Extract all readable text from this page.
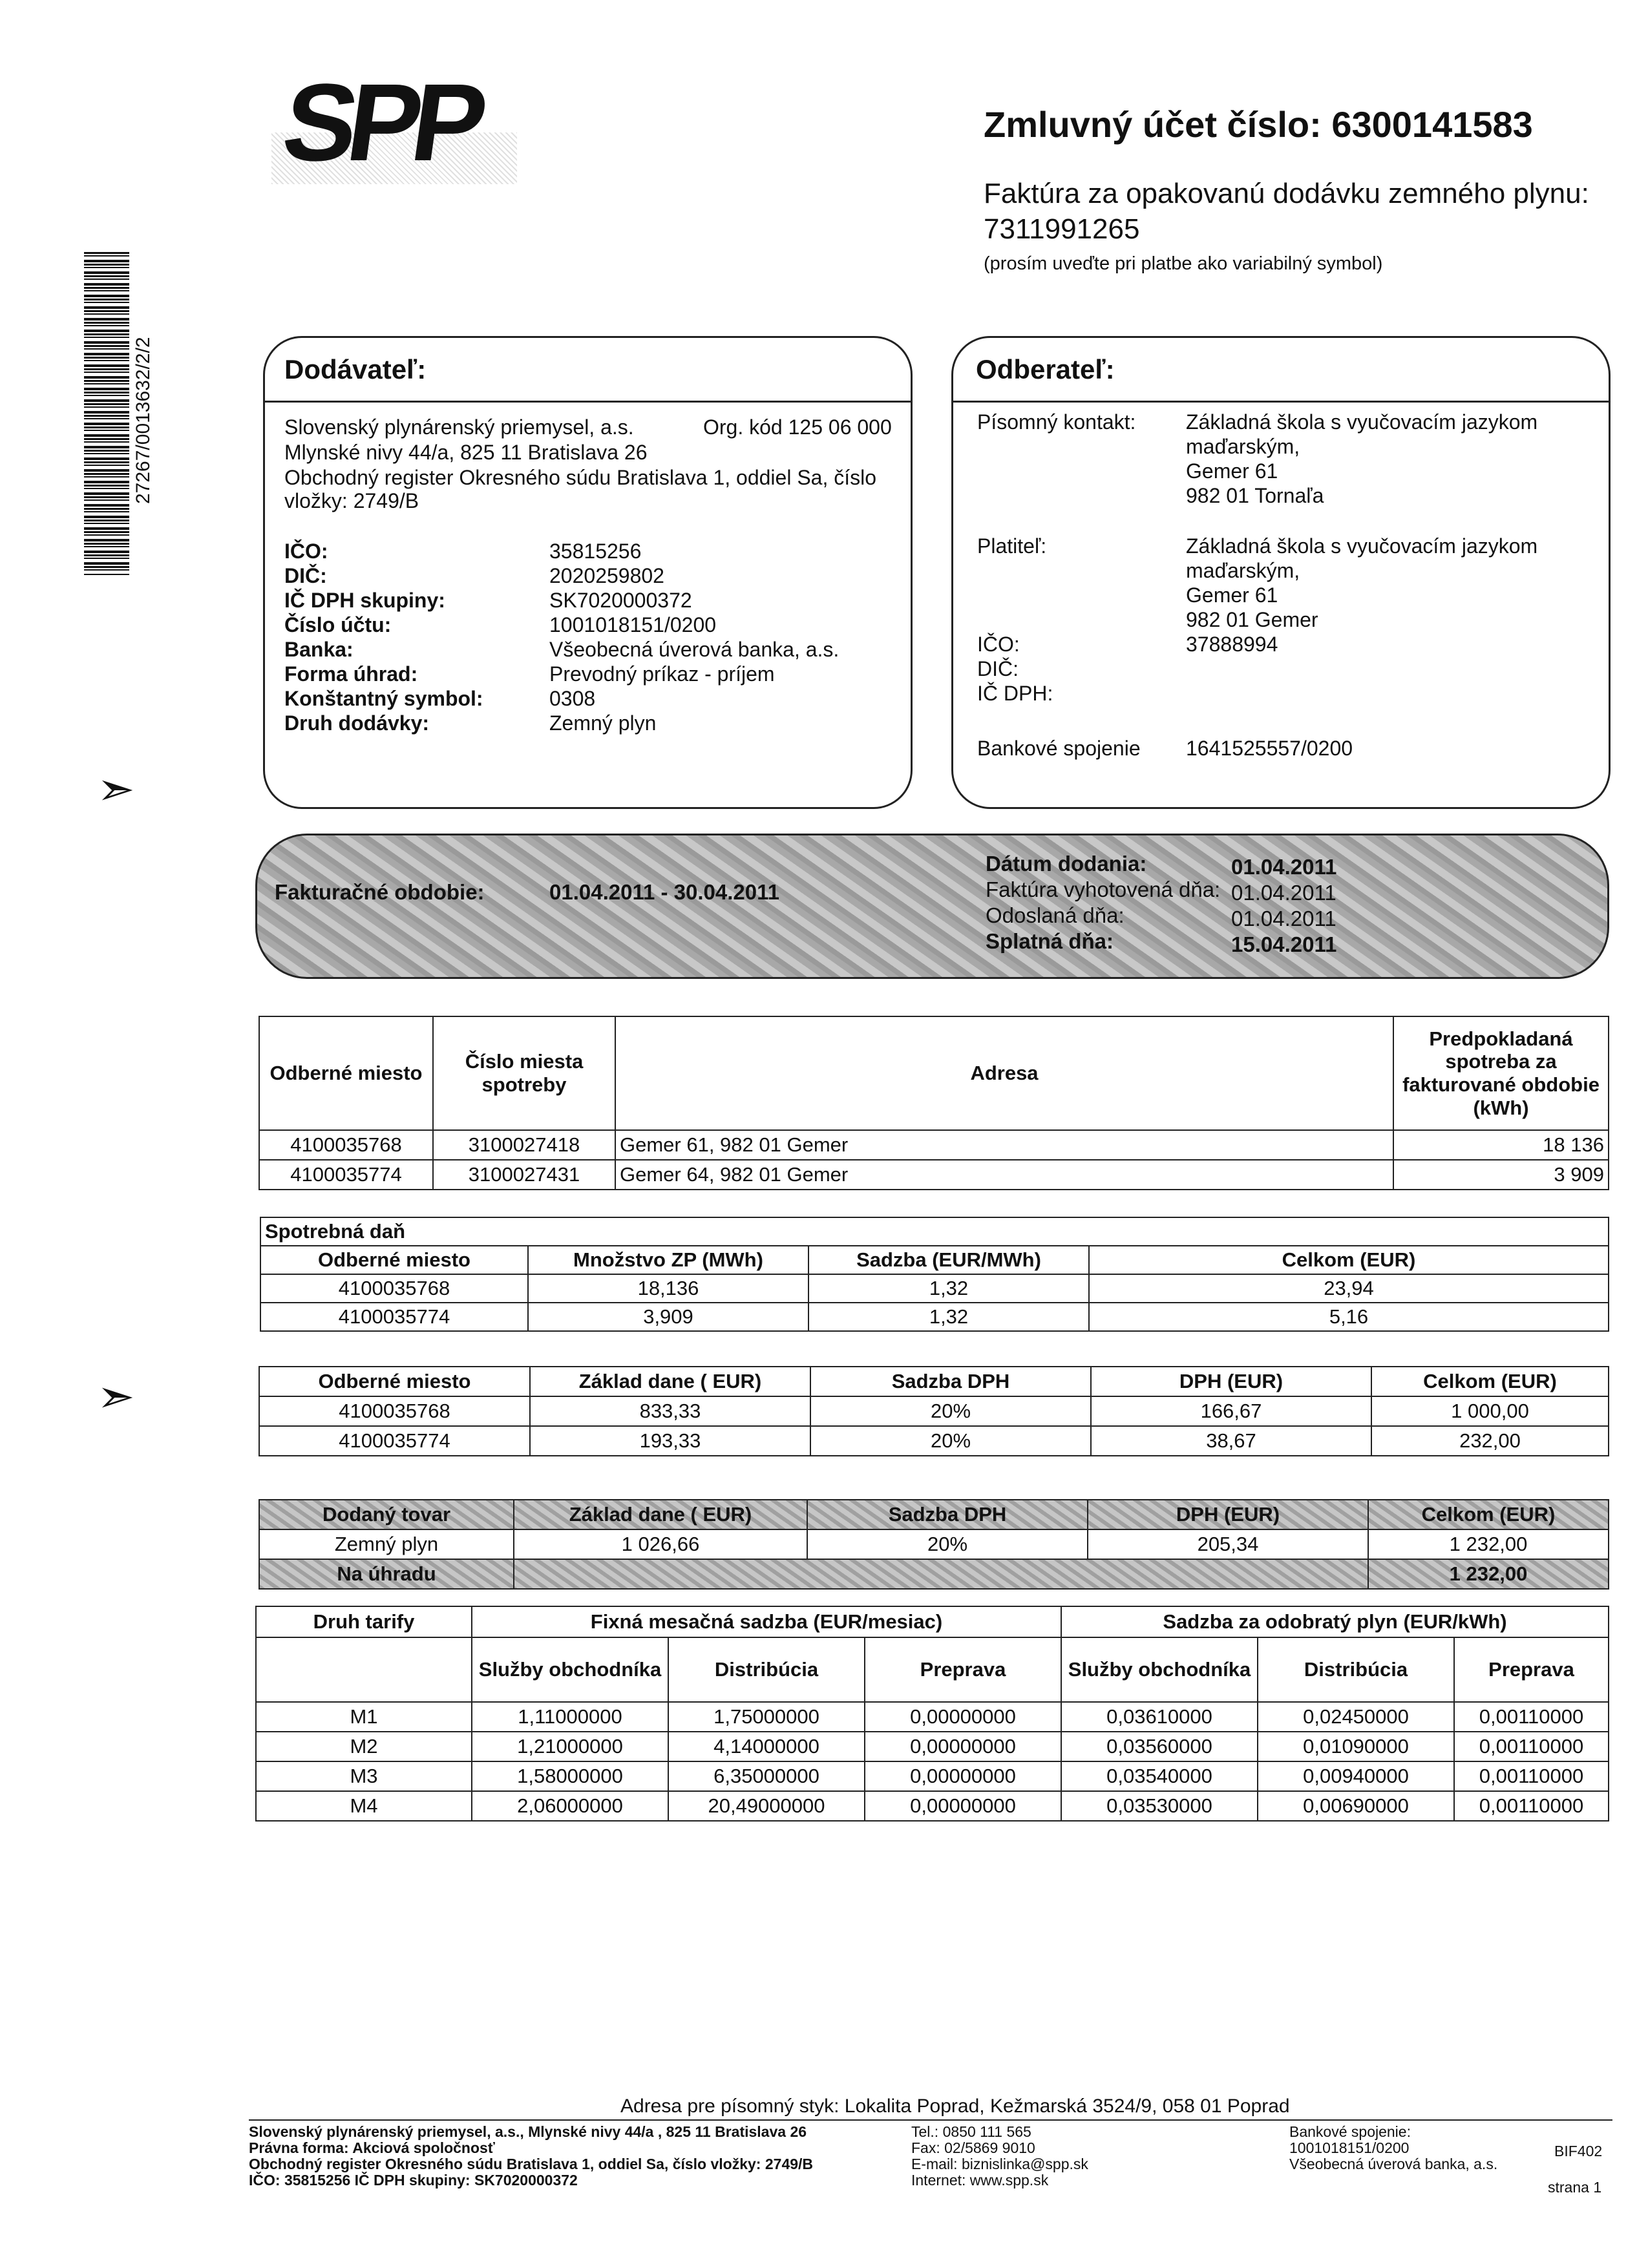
SPP	Zmluvný účet číslo: 6300141583
Faktúra za opakovanú dodávku zemného plynu:
7311991265
(prosím uveďte pri platbe ako variabilný symbol)
27267/0013632/2/2
➣
➣
Dodávateľ:
Slovenský plynárenský priemysel, a.s.	Org. kód 125 06 000
Mlynské nivy 44/a, 825 11 Bratislava 26
Obchodný register Okresného súdu Bratislava 1, oddiel Sa, číslo
vložky: 2749/B
IČO:	35815256
DIČ:	2020259802
IČ DPH skupiny:	SK7020000372
Číslo účtu:	1001018151/0200
Banka:	Všeobecná úverová banka, a.s.
Forma úhrad:	Prevodný príkaz - príjem
Konštantný symbol:	0308
Druh dodávky:	Zemný plyn
Odberateľ:
Písomný kontakt: Základná škola s vyučovacím jazykom
maďarským,
Gemer 61
982 01 Tornaľa
Platiteľ:	Základná škola s vyučovacím jazykom
maďarským,
Gemer 61
982 01 Gemer
IČO:	37888994
DIČ:
IČ DPH:
Bankové spojenie 1641525557/0200
Fakturačné obdobie:	01.04.2011 - 30.04.2011
Dátum dodania:	01.04.2011
Faktúra vyhotovená dňa: 01.04.2011
Odoslaná dňa:	01.04.2011
Splatná dňa:	15.04.2011
Odberné miesto	Číslo miesta spotreby	Adresa	Predpokladaná spotreba za fakturované obdobie (kWh)
4100035768	3100027418	Gemer 61, 982 01 Gemer	18 136
4100035774	3100027431	Gemer 64, 982 01 Gemer	3 909
Spotrebná daň			
Odberné miesto	Množstvo ZP (MWh)	Sadzba (EUR/MWh)	Celkom (EUR)
4100035768	18,136	1,32	23,94
4100035774	3,909	1,32	5,16
Odberné miesto	Základ dane ( EUR)	Sadzba DPH	DPH (EUR)	Celkom (EUR)
4100035768	833,33	20%	166,67	1 000,00
4100035774	193,33	20%	38,67	232,00
Dodaný tovar	Základ dane ( EUR)	Sadzba DPH	DPH (EUR)	Celkom (EUR)
Zemný plyn	1 026,66	20%	205,34	1 232,00
Na úhradu				1 232,00
Druh tarify	Fixná mesačná sadzba (EUR/mesiac)			Sadzba za odobratý plyn (EUR/kWh)		
	Služby obchodníka	Distribúcia	Preprava	Služby obchodníka	Distribúcia	Preprava
M1	1,11000000	1,75000000	0,00000000	0,03610000	0,02450000	0,00110000
M2	1,21000000	4,14000000	0,00000000	0,03560000	0,01090000	0,00110000
M3	1,58000000	6,35000000	0,00000000	0,03540000	0,00940000	0,00110000
M4	2,06000000	20,49000000	0,00000000	0,03530000	0,00690000	0,00110000
Adresa pre písomný styk: Lokalita Poprad, Kežmarská 3524/9, 058 01 Poprad
Slovenský plynárenský priemysel, a.s., Mlynské nivy 44/a , 825 11 Bratislava 26
Právna forma: Akciová spoločnosť
Obchodný register Okresného súdu Bratislava 1, oddiel Sa, číslo vložky: 2749/B
IČO: 35815256 IČ DPH skupiny: SK7020000372
Tel.: 0850 111 565
Fax: 02/5869 9010
E-mail: biznislinka@spp.sk
Internet: www.spp.sk
Bankové spojenie:
1001018151/0200
Všeobecná úverová banka, a.s.
BIF402
strana 1
